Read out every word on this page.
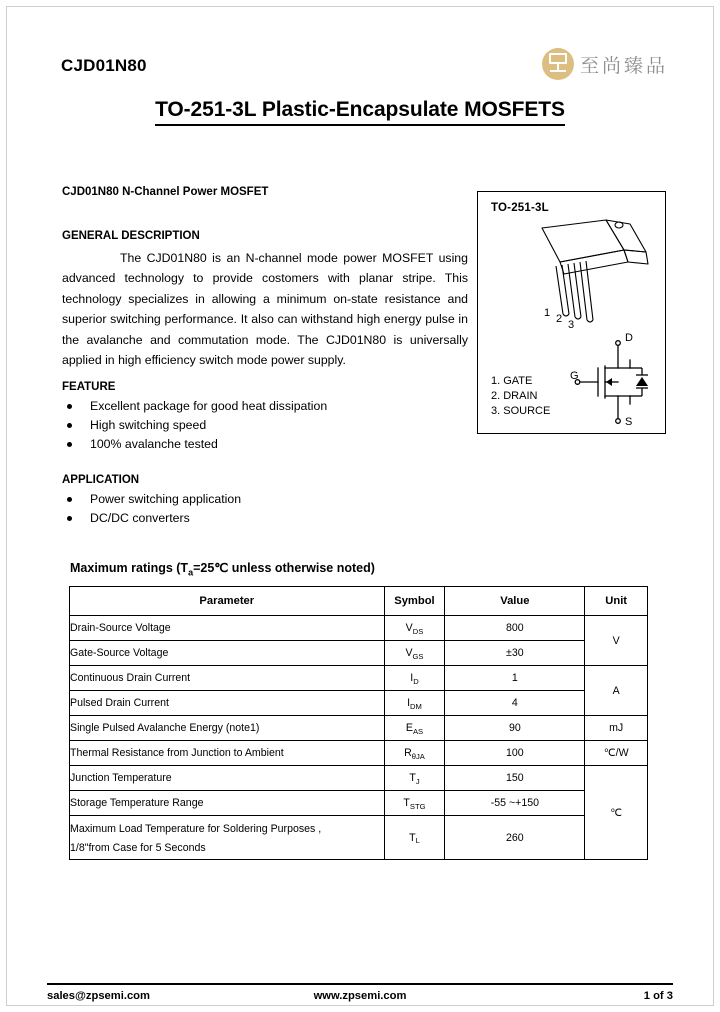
CJD01N80	至尚臻品
TO-251-3L Plastic-Encapsulate MOSFETS
CJD01N80 N-Channel Power MOSFET
GENERAL DESCRIPTION
The CJD01N80 is an N-channel mode power MOSFET using advanced technology to provide costomers with planar stripe. This technology specializes in allowing a minimum on-state resistance and superior switching performance. It also can withstand high energy pulse in the avalanche and commutation mode. The CJD01N80 is universally applied in high efficiency switch mode power supply.
FEATURE
Excellent package for good heat dissipation
High switching speed
100% avalanche tested
APPLICATION
Power switching application
DC/DC converters
TO-251-3L
1 2 3
1. GATE
2. DRAIN
3. SOURCE
D
G
S
Maximum ratings ($T_a=25℃$ unless otherwise noted)
Parameter	Symbol	Value	Unit
Drain-Source Voltage	$V_{DS}$	800	V
Gate-Source Voltage	$V_{GS}$	±30	
Continuous Drain Current	$I_D$	1	A
Pulsed Drain Current	$I_{DM}$	4	
Single Pulsed Avalanche Energy (note1)	$E_{AS}$	90	mJ
Thermal Resistance from Junction to Ambient	$R_{\theta JA}$	100	℃/W
Junction Temperature	$T_J$	150	℃
Storage Temperature Range	$T_{STG}$	-55 ~+150	

Maximum Load Temperature for Soldering Purposes ,
1/8"from Case for 5 Seconds	$T_L$	260	
www.zpsemi.com
sales@zpsemi.com	1 of 3
